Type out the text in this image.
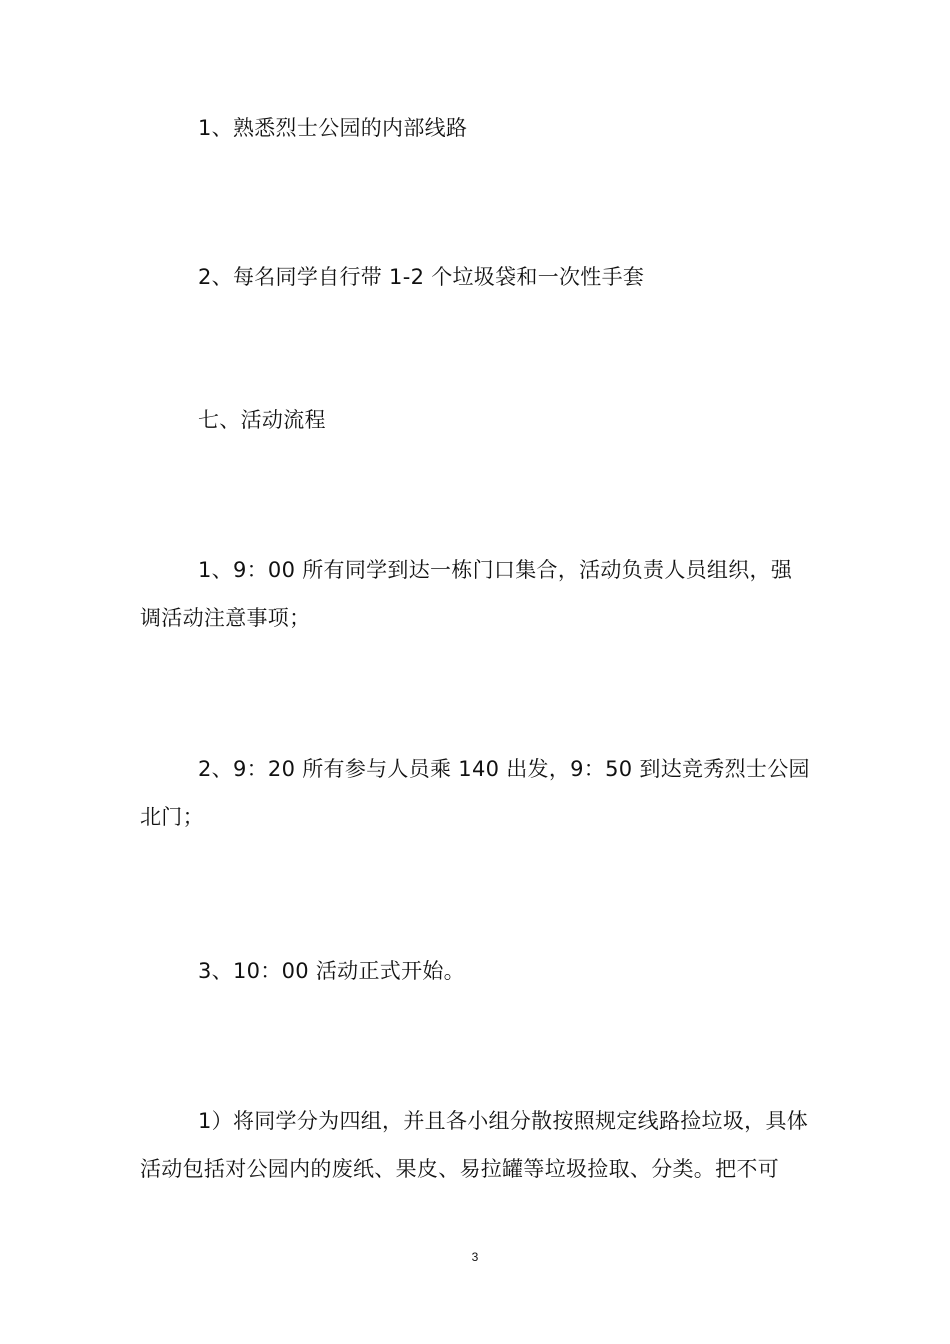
1、熟悉烈士公园的内部线路

2、每名同学自行带 1-2 个垃圾袋和一次性手套

七、活动流程

1、9：00 所有同学到达一栋门口集合，活动负责人员组织，强调活动注意事项；

2、9：20 所有参与人员乘 140 出发，9：50 到达竞秀烈士公园北门；

3、10：00 活动正式开始。

1）将同学分为四组，并且各小组分散按照规定线路捡垃圾，具体活动包括对公园内的废纸、果皮、易拉罐等垃圾捡取、分类。把不可

3
